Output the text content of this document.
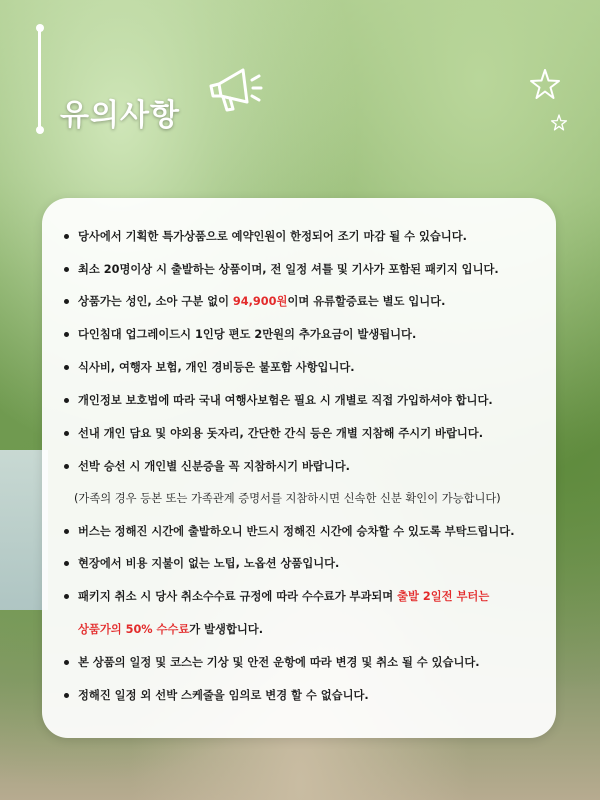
유의사항
당사에서 기획한 특가상품으로 예약인원이 한정되어 조기 마감 될 수 있습니다.
최소 20명이상 시 출발하는 상품이며, 전 일정 셔틀 및 기사가 포함된 패키지 입니다.
상품가는 성인, 소아 구분 없이 94,900원이며 유류할증료는 별도 입니다.
다인침대 업그레이드시 1인당 편도 2만원의 추가요금이 발생됩니다.
식사비, 여행자 보험, 개인 경비등은 불포함 사항입니다.
개인정보 보호법에 따라 국내 여행사보험은 필요 시 개별로 직접 가입하셔야 합니다.
선내 개인 담요 및 야외용 돗자리, 간단한 간식 등은 개별 지참해 주시기 바랍니다.
선박 승선 시 개인별 신분증을 꼭 지참하시기 바랍니다.
(가족의 경우 등본 또는 가족관계 증명서를 지참하시면 신속한 신분 확인이 가능합니다)
버스는 정해진 시간에 출발하오니 반드시 정해진 시간에 승차할 수 있도록 부탁드립니다.
현장에서 비용 지불이 없는 노팁, 노옵션 상품입니다.
패키지 취소 시 당사 취소수수료 규정에 따라 수수료가 부과되며 출발 2일전 부터는
상품가의 50% 수수료가 발생합니다.
본 상품의 일정 및 코스는 기상 및 안전 운항에 따라 변경 및 취소 될 수 있습니다.
정해진 일정 외 선박 스케줄을 임의로 변경 할 수 없습니다.
